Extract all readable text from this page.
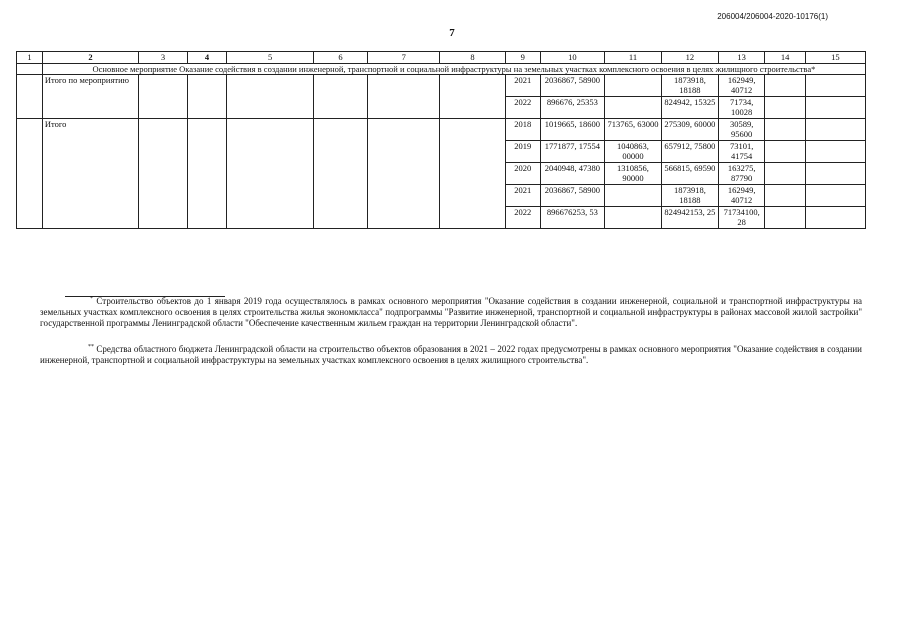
206004/206004-2020-10176(1)
7
1	2	3	4	5	6	7	8	9	10	11	12	13	14	15
	Основное мероприятие Оказание содействия в создании инженерной, транспортной и социальной инфраструктуры на земельных участках комплексного освоения в целях жилищного строительства*													
	Итого по мероприятию							2021	2036867, 58900		1873918, 18188	162949, 40712		
								2022	896676, 25353		824942, 15325	71734, 10028		
	Итого							2018	1019665, 18600	713765, 63000	275309, 60000	30589, 95600		
								2019	1771877, 17554	1040863, 00000	657912, 75800	73101, 41754		
								2020	2040948, 47380	1310856, 90000	566815, 69590	163275, 87790		
								2021	2036867, 58900		1873918, 18188	162949, 40712		
								2022	896676253, 53		824942153, 25	71734100, 28		
* Строительство объектов до 1 января 2019 года осуществлялось в рамках основного мероприятия "Оказание содействия в создании инженерной, социальной и транспортной инфраструктуры на земельных участках комплексного освоения в целях строительства жилья экономкласса" подпрограммы "Развитие инженерной, транспортной и социальной инфраструктуры в районах массовой жилой застройки" государственной программы Ленинградской области "Обеспечение качественным жильем граждан на территории Ленинградской области".
** Средства областного бюджета Ленинградской области на строительство объектов образования в 2021 – 2022 годах предусмотрены в рамках основного мероприятия "Оказание содействия в создании инженерной, транспортной и социальной инфраструктуры на земельных участках комплексного освоения в целях жилищного строительства".
